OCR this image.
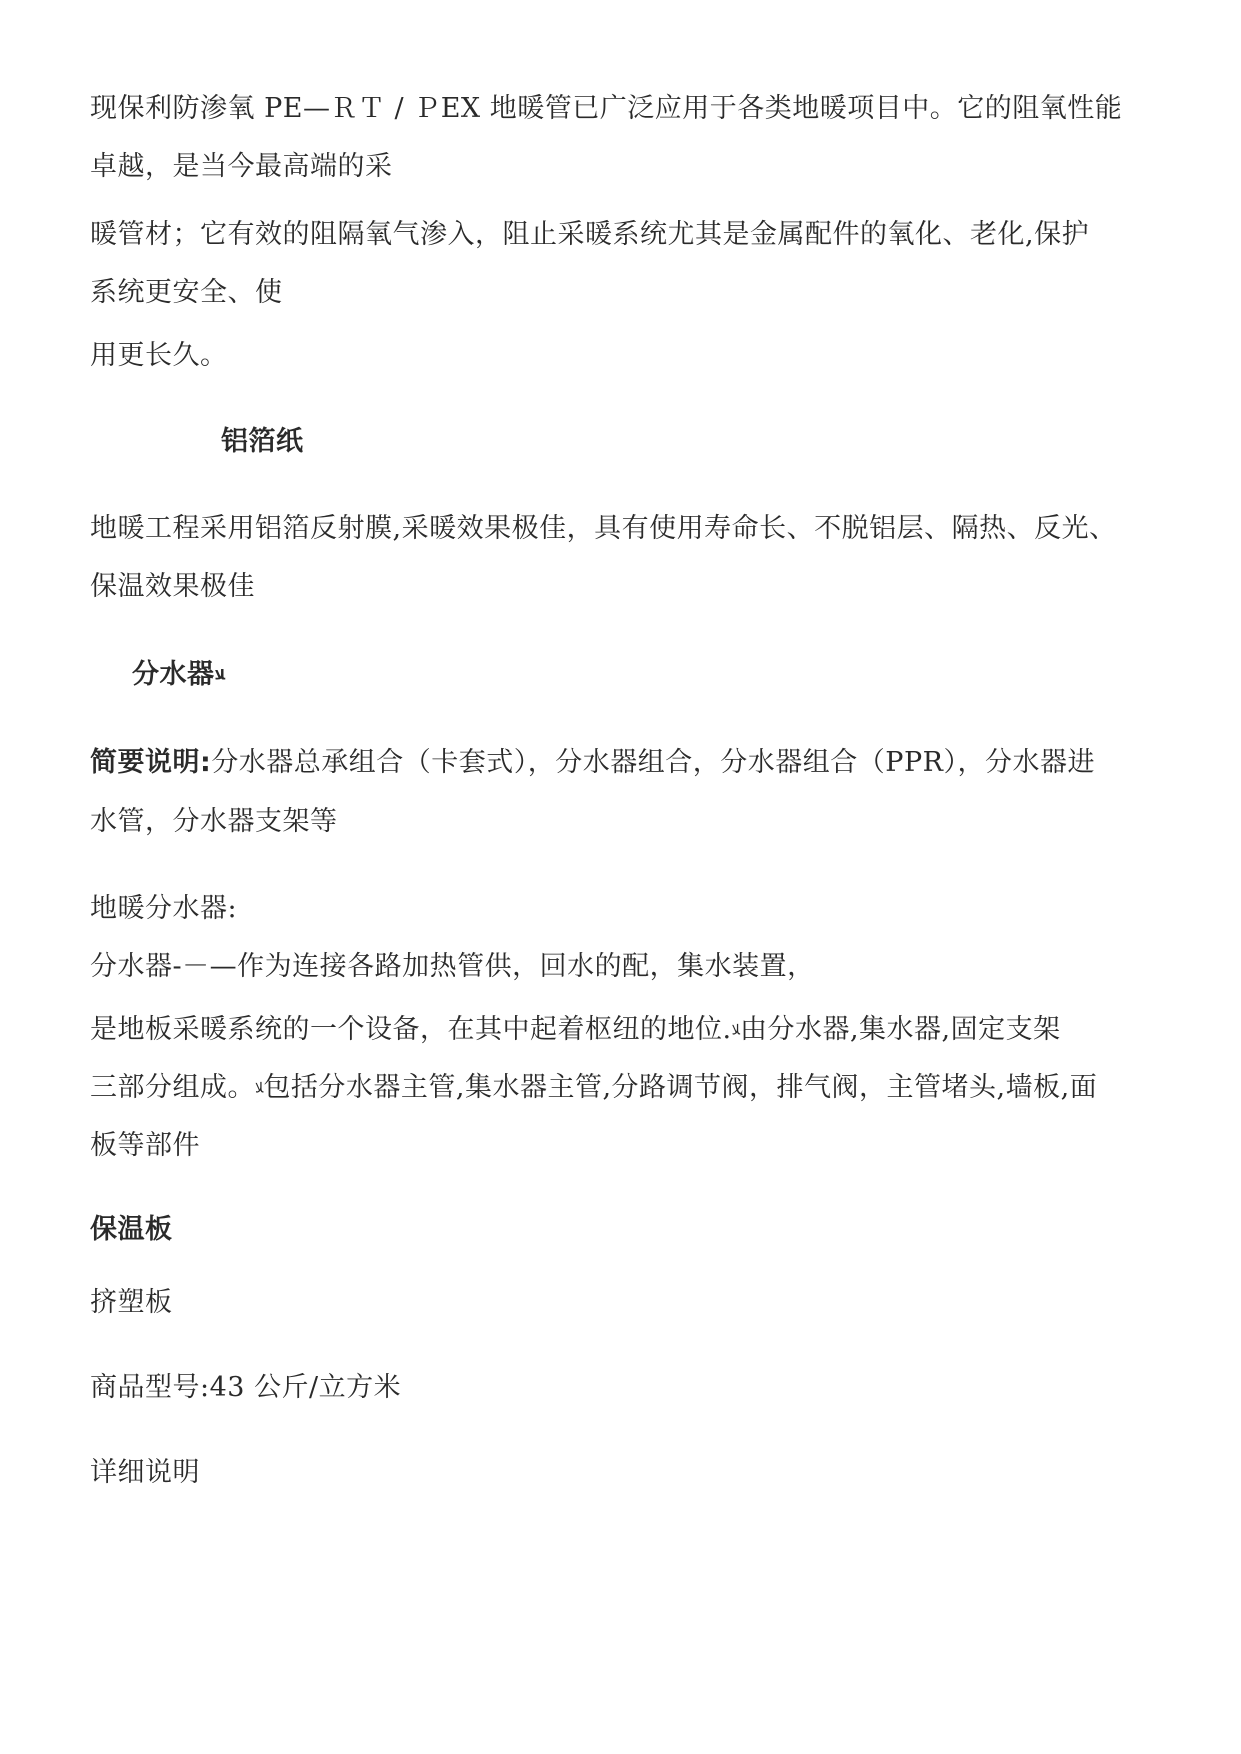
现保利防渗氧 PE—ＲＴ / ＰEX 地暖管已广泛应用于各类地暖项目中。它的阻氧性能
卓越，是当今最高端的采
暖管材；它有效的阻隔氧气渗入，阻止采暖系统尤其是金属配件的氧化、老化,保护
系统更安全、使
用更长久。
铝箔纸
地暖工程采用铝箔反射膜,采暖效果极佳，具有使用寿命长、不脱铝层、隔热、反光、
保温效果极佳
分水器ﻼ
简要说明:分水器总承组合（卡套式），分水器组合，分水器组合（PPR），分水器进
水管，分水器支架等
地暖分水器:
分水器-－—作为连接各路加热管供，回水的配，集水装置，
是地板采暖系统的一个设备，在其中起着枢纽的地位.ﻼ由分水器,集水器,固定支架
三部分组成。ﻼ包括分水器主管,集水器主管,分路调节阀，排气阀，主管堵头,墙板,面
板等部件
保温板
挤塑板
商品型号:43 公斤/立方米
详细说明
